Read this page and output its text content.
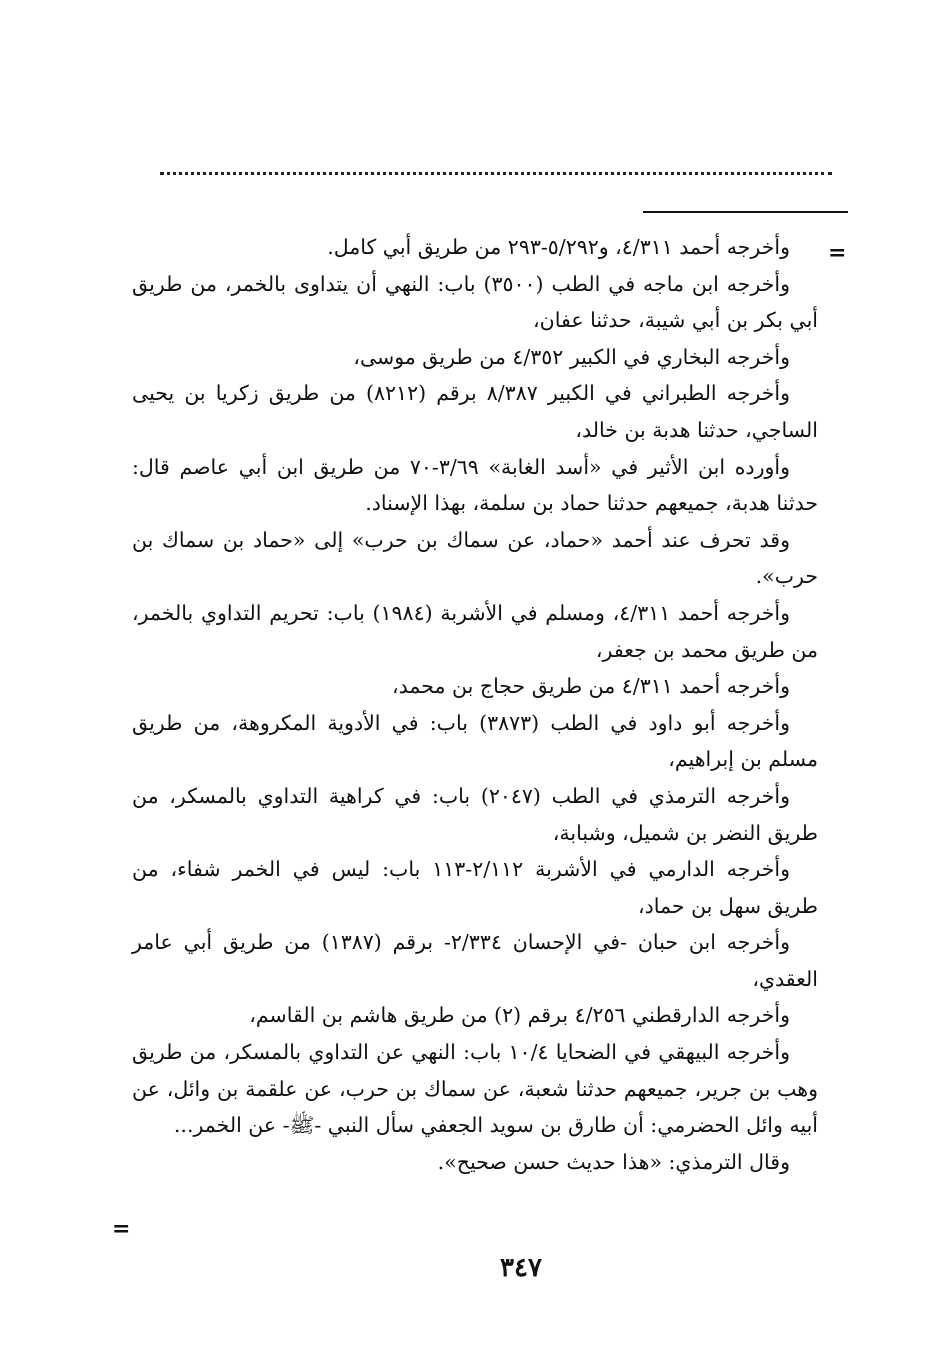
=

وأخرجه أحمد ٤/٣١١، و٥/٢٩٢-٢٩٣ من طريق أبي كامل.

وأخرجه ابن ماجه في الطب (٣٥٠٠) باب: النهي أن يتداوى بالخمر، من طريق أبي بكر بن أبي شيبة، حدثنا عفان،

وأخرجه البخاري في الكبير ٤/٣٥٢ من طريق موسى،

وأخرجه الطبراني في الكبير ٨/٣٨٧ برقم (٨٢١٢) من طريق زكريا بن يحيى الساجي، حدثنا هدبة بن خالد،

وأورده ابن الأثير في «أسد الغابة» ٣/٦٩-٧٠ من طريق ابن أبي عاصم قال: حدثنا هدبة، جميعهم حدثنا حماد بن سلمة، بهذا الإسناد.

وقد تحرف عند أحمد «حماد، عن سماك بن حرب» إلى «حماد بن سماك بن حرب».

وأخرجه أحمد ٤/٣١١، ومسلم في الأشربة (١٩٨٤) باب: تحريم التداوي بالخمر، من طريق محمد بن جعفر،

وأخرجه أحمد ٤/٣١١ من طريق حجاج بن محمد،

وأخرجه أبو داود في الطب (٣٨٧٣) باب: في الأدوية المكروهة، من طريق مسلم بن إبراهيم،

وأخرجه الترمذي في الطب (٢٠٤٧) باب: في كراهية التداوي بالمسكر، من طريق النضر بن شميل، وشبابة،

وأخرجه الدارمي في الأشربة ٢/١١٢-١١٣ باب: ليس في الخمر شفاء، من طريق سهل بن حماد،

وأخرجه ابن حبان -في الإحسان ٢/٣٣٤- برقم (١٣٨٧) من طريق أبي عامر العقدي،

وأخرجه الدارقطني ٤/٢٥٦ برقم (٢) من طريق هاشم بن القاسم،

وأخرجه البيهقي في الضحايا ١٠/٤ باب: النهي عن التداوي بالمسكر، من طريق وهب بن جرير، جميعهم حدثنا شعبة، عن سماك بن حرب، عن علقمة بن وائل، عن أبيه وائل الحضرمي: أن طارق بن سويد الجعفي سأل النبي -ﷺ- عن الخمر...

وقال الترمذي: «هذا حديث حسن صحيح».

=
٣٤٧
